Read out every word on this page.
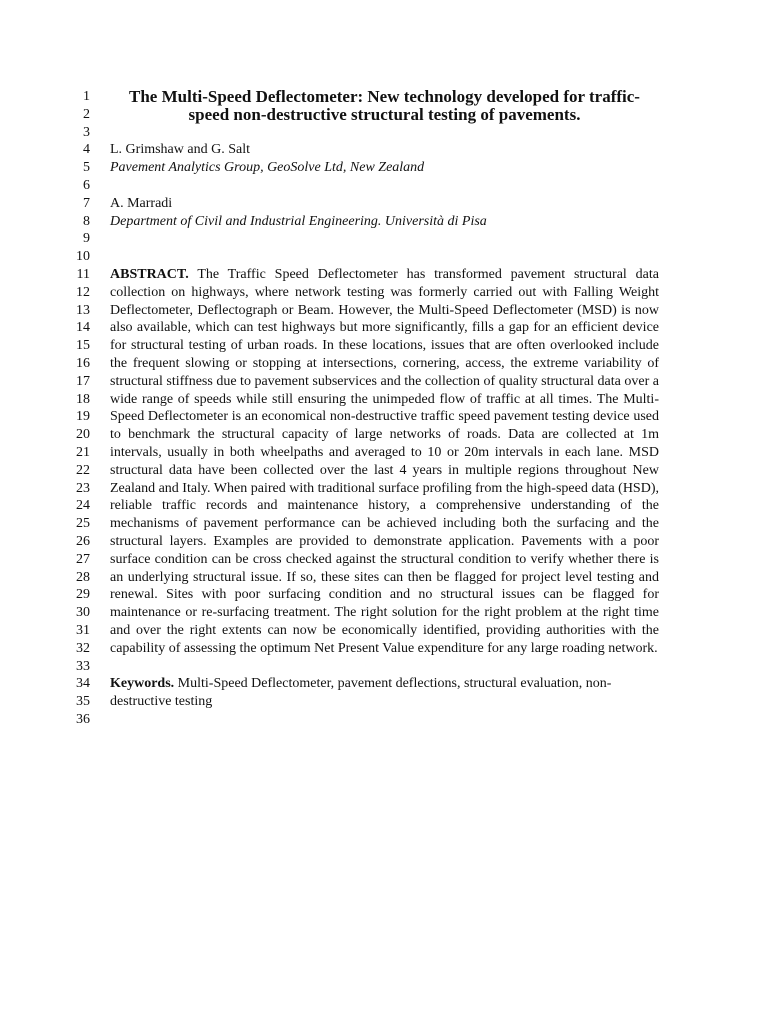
1
2
3
4
5
6
7
8
9
10
11
12
13
14
15
16
17
18
19
20
21
22
23
24
25
26
27
28
29
30
31
32
33
34
35
36

The Multi-Speed Deflectometer: New technology developed for traffic-speed non-destructive structural testing of pavements.

L. Grimshaw and G. Salt

Pavement Analytics Group, GeoSolve Ltd, New Zealand

A. Marradi

Department of Civil and Industrial Engineering. Università di Pisa

ABSTRACT. The Traffic Speed Deflectometer has transformed pavement structural data collection on highways, where network testing was formerly carried out with Falling Weight Deflectometer, Deflectograph or Beam. However, the Multi-Speed Deflectometer (MSD) is now also available, which can test highways but more significantly, fills a gap for an efficient device for structural testing of urban roads. In these locations, issues that are often overlooked include the frequent slowing or stopping at intersections, cornering, access, the extreme variability of structural stiffness due to pavement subservices and the collection of quality structural data over a wide range of speeds while still ensuring the unimpeded flow of traffic at all times. The Multi-Speed Deflectometer is an economical non-destructive traffic speed pavement testing device used to benchmark the structural capacity of large networks of roads. Data are collected at 1m intervals, usually in both wheelpaths and averaged to 10 or 20m intervals in each lane. MSD structural data have been collected over the last 4 years in multiple regions throughout New Zealand and Italy. When paired with traditional surface profiling from the high-speed data (HSD), reliable traffic records and maintenance history, a comprehensive understanding of the mechanisms of pavement performance can be achieved including both the surfacing and the structural layers. Examples are provided to demonstrate application. Pavements with a poor surface condition can be cross checked against the structural condition to verify whether there is an underlying structural issue. If so, these sites can then be flagged for project level testing and renewal. Sites with poor surfacing condition and no structural issues can be flagged for maintenance or re-surfacing treatment. The right solution for the right problem at the right time and over the right extents can now be economically identified, providing authorities with the capability of assessing the optimum Net Present Value expenditure for any large roading network.

Keywords. Multi-Speed Deflectometer, pavement deflections, structural evaluation, non-destructive testing
